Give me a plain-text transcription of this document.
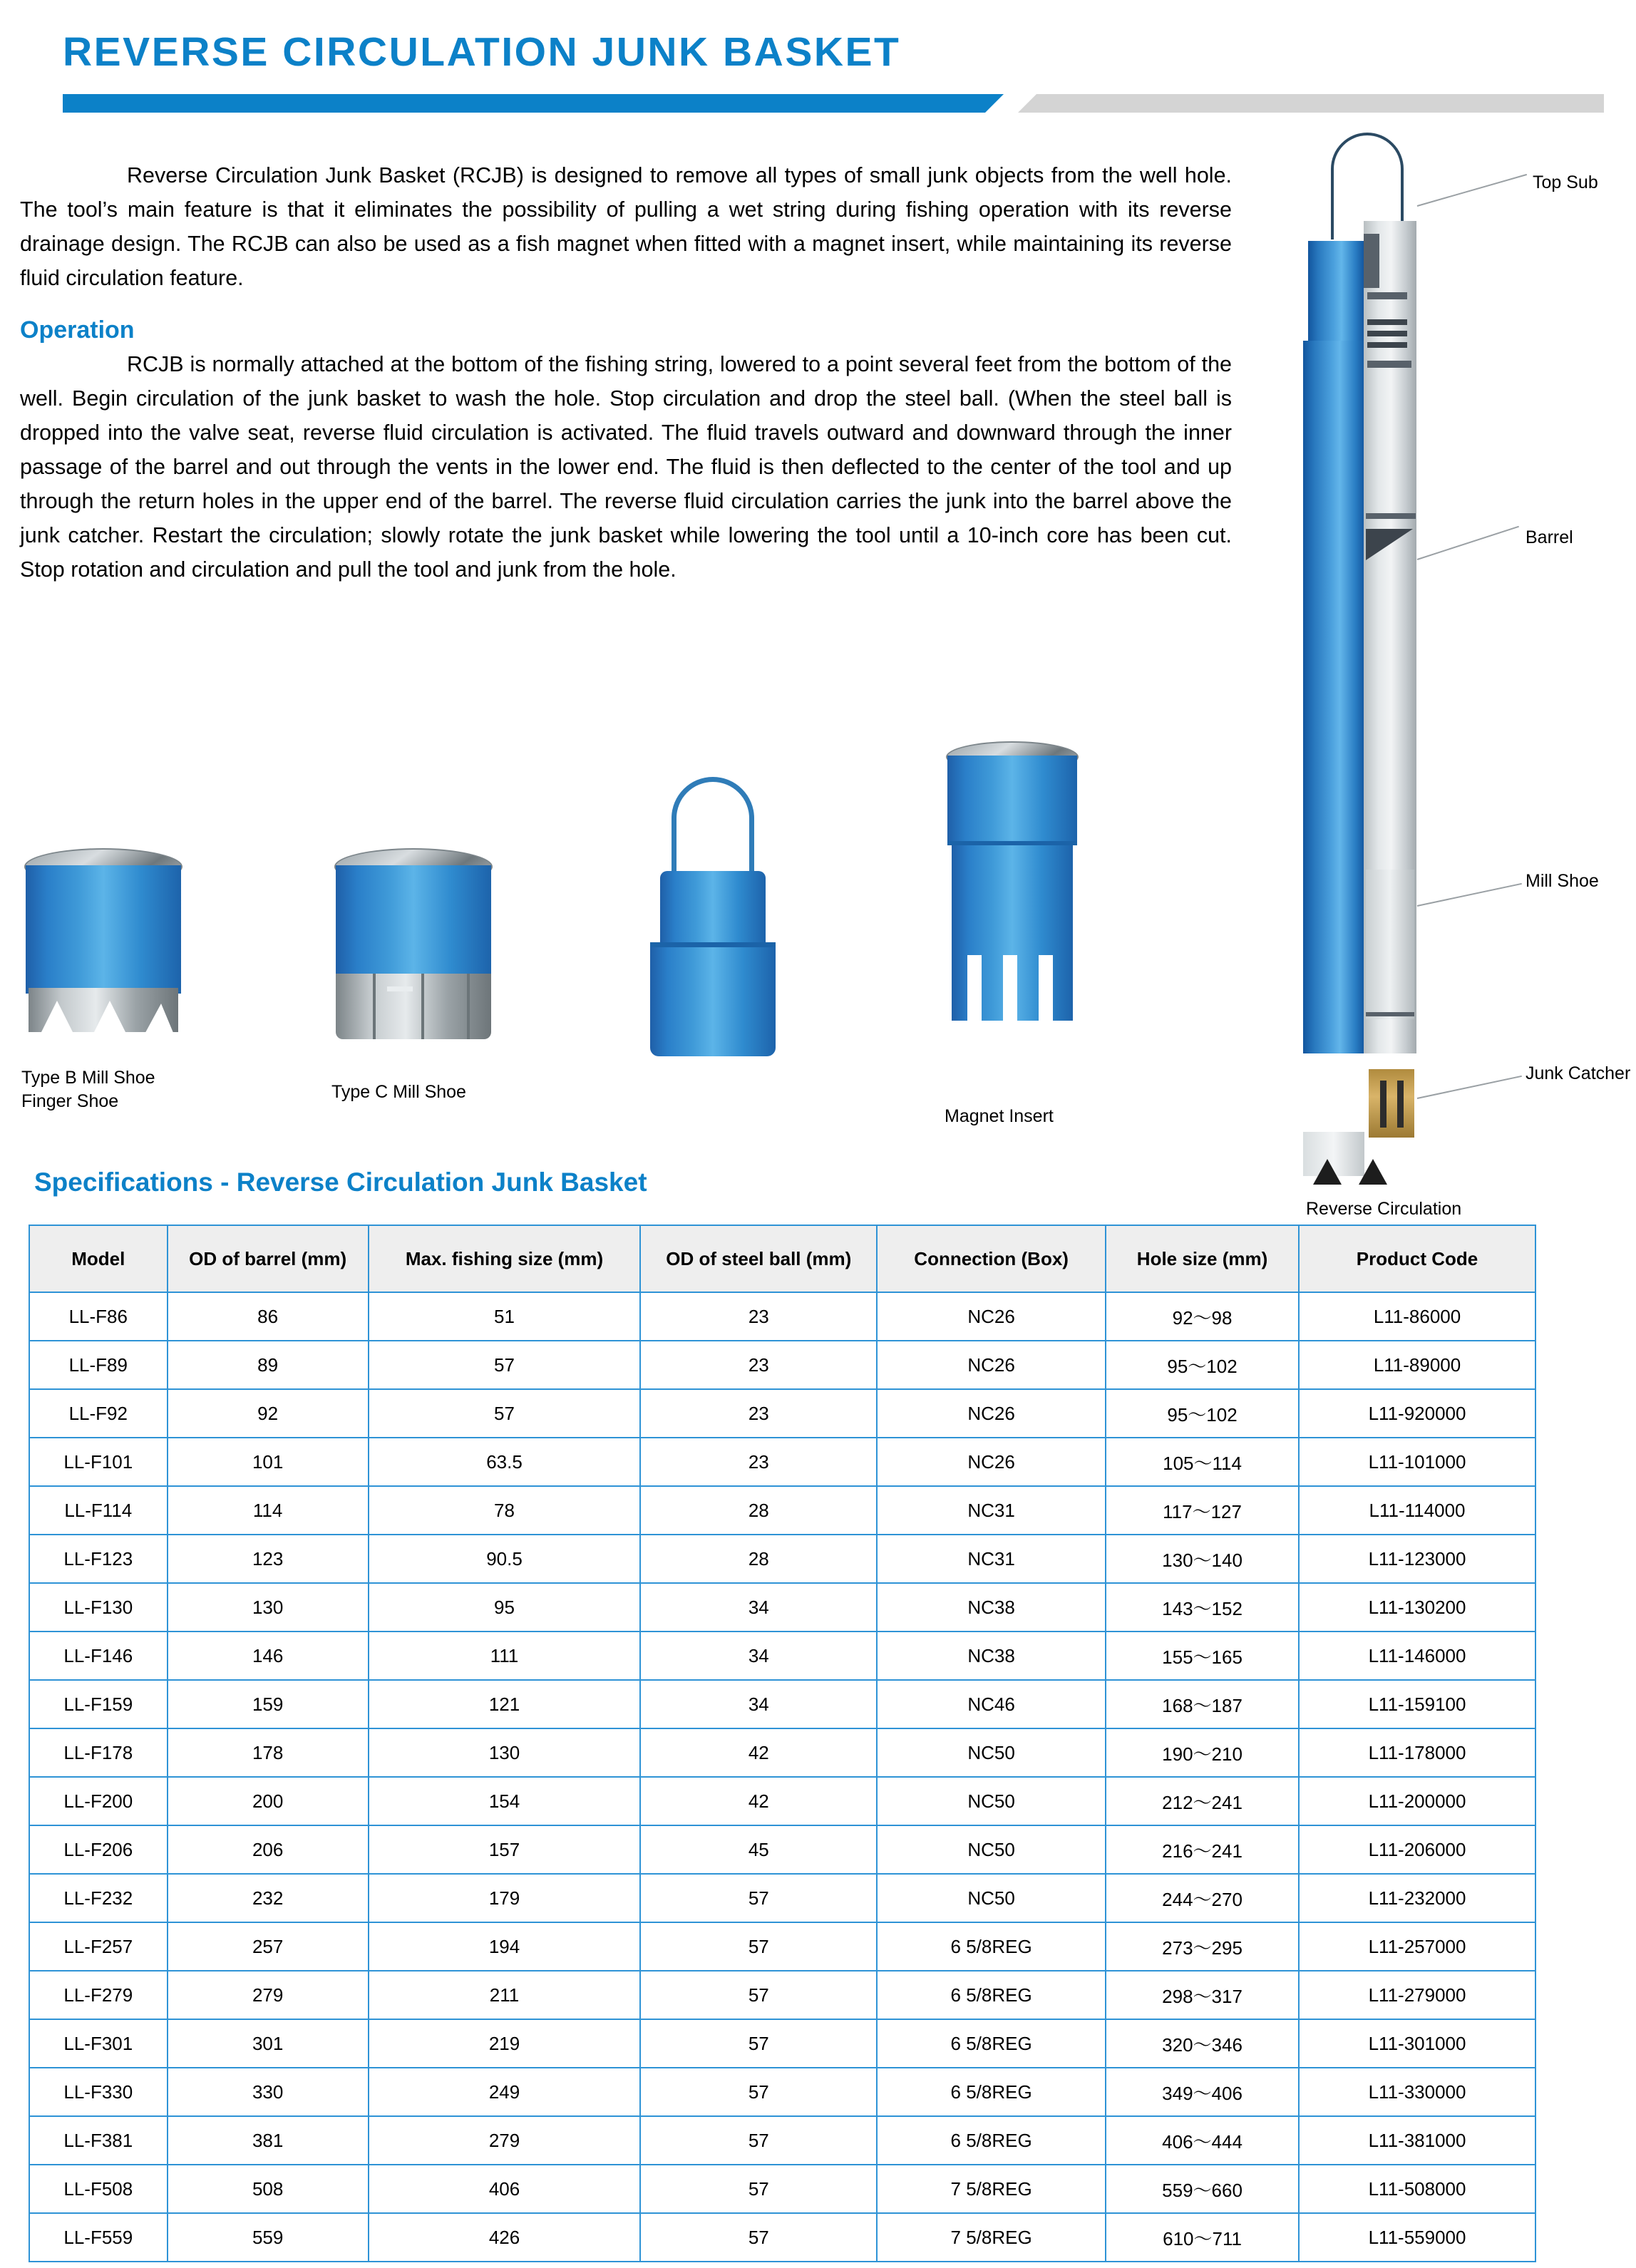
REVERSE CIRCULATION JUNK BASKET

Reverse Circulation Junk Basket (RCJB) is designed to remove all types of small junk objects from the well hole. The tool’s main feature is that it eliminates the possibility of pulling a wet string during fishing operation with its reverse drainage design. The RCJB can also be used as a fish magnet when fitted with a magnet insert, while maintaining its reverse fluid circulation feature.

Operation

RCJB is normally attached at the bottom of the fishing string, lowered to a point several feet from the bottom of the well. Begin circulation of the junk basket to wash the hole. Stop circulation and drop the steel ball. (When the steel ball is dropped into the valve seat, reverse fluid circulation is activated. The fluid travels outward and downward through the inner passage of the barrel and out through the vents in the lower end. The fluid is then deflected to the center of the tool and up through the return holes in the upper end of the barrel. The reverse fluid circulation carries the junk into the barrel above the junk catcher. Restart the circulation; slowly rotate the junk basket while lowering the tool until a 10-inch core has been cut. Stop rotation and circulation and pull the tool and junk from the hole.

Type B Mill Shoe
Finger Shoe	Type C Mill Shoe
Magnet Insert
Top Sub
Barrel
Mill Shoe
Junk Catcher
Reverse Circulation
Specifications - Reverse Circulation Junk Basket
Model	OD of barrel (mm)	Max. fishing size (mm)	OD of steel ball (mm)	Connection (Box)	Hole size (mm)	Product Code
LL-F86	86	51	23	NC26	92～98	L11-86000
LL-F89	89	57	23	NC26	95～102	L11-89000
LL-F92	92	57	23	NC26	95～102	L11-920000
LL-F101	101	63.5	23	NC26	105～114	L11-101000
LL-F114	114	78	28	NC31	117～127	L11-114000
LL-F123	123	90.5	28	NC31	130～140	L11-123000
LL-F130	130	95	34	NC38	143～152	L11-130200
LL-F146	146	111	34	NC38	155～165	L11-146000
LL-F159	159	121	34	NC46	168～187	L11-159100
LL-F178	178	130	42	NC50	190～210	L11-178000
LL-F200	200	154	42	NC50	212～241	L11-200000
LL-F206	206	157	45	NC50	216～241	L11-206000
LL-F232	232	179	57	NC50	244～270	L11-232000
LL-F257	257	194	57	6 5/8REG	273～295	L11-257000
LL-F279	279	211	57	6 5/8REG	298～317	L11-279000
LL-F301	301	219	57	6 5/8REG	320～346	L11-301000
LL-F330	330	249	57	6 5/8REG	349～406	L11-330000
LL-F381	381	279	57	6 5/8REG	406～444	L11-381000
LL-F508	508	406	57	7 5/8REG	559～660	L11-508000
LL-F559	559	426	57	7 5/8REG	610～711	L11-559000
